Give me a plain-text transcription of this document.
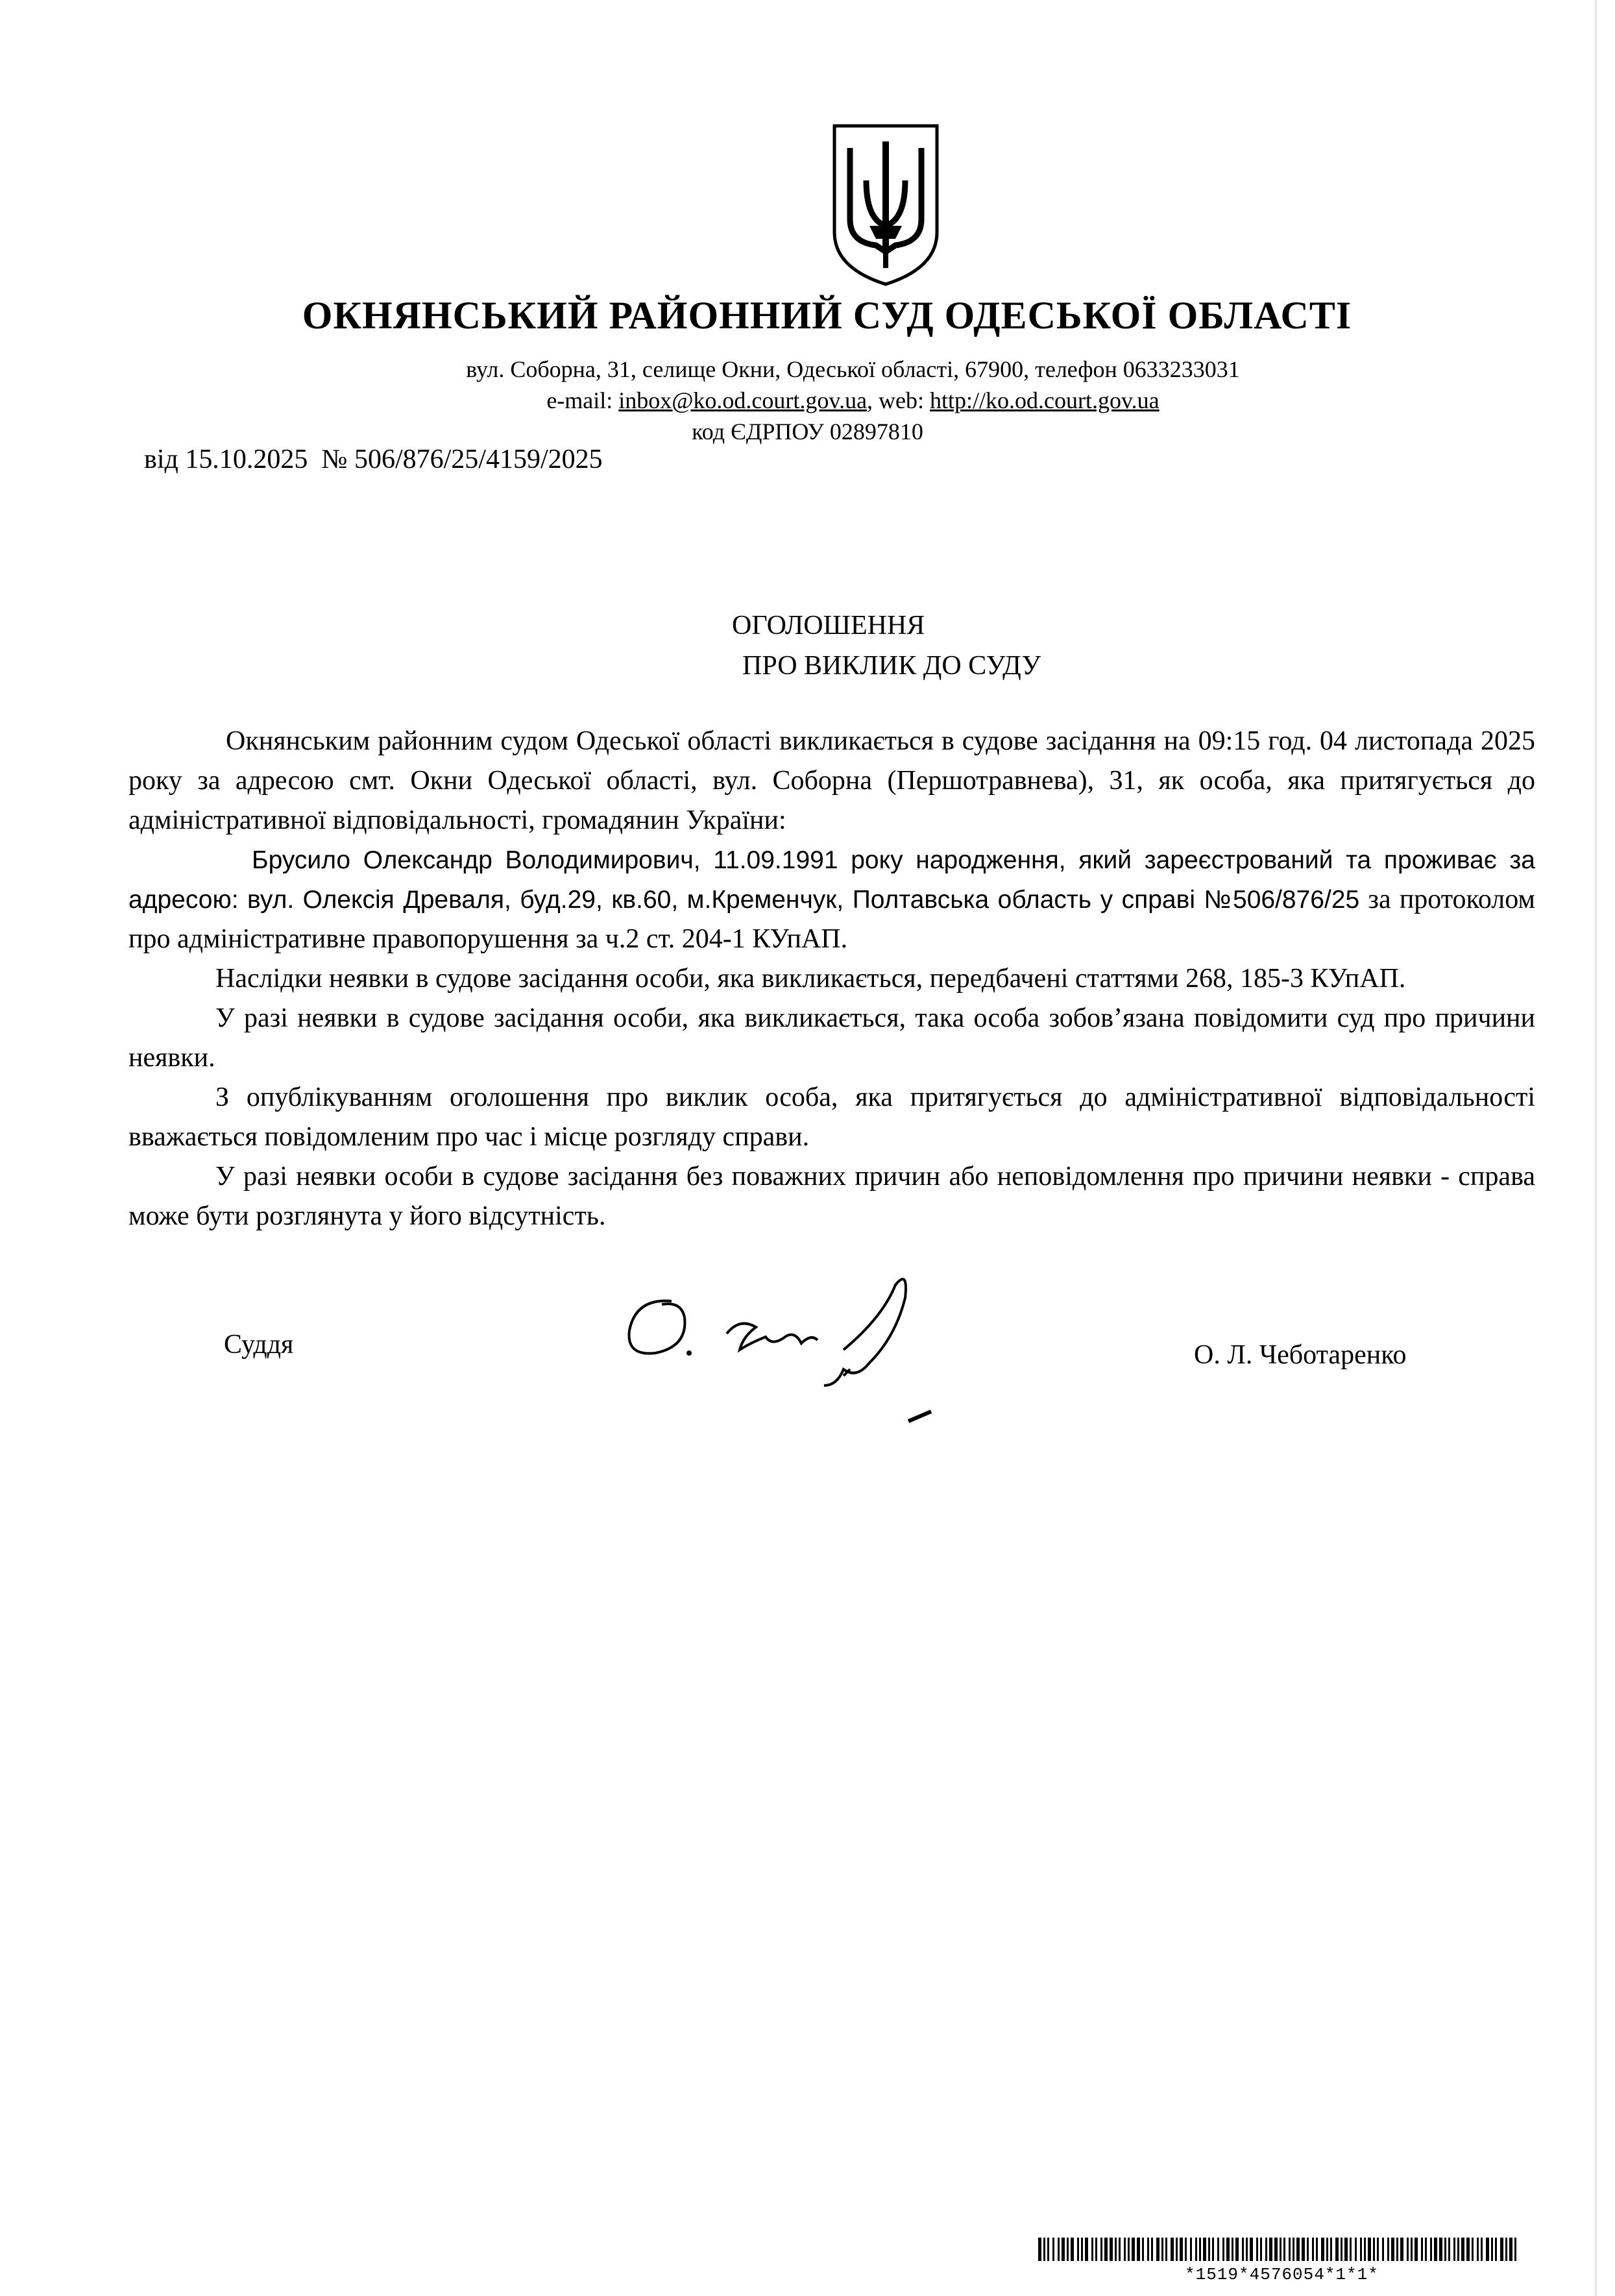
ОКНЯНСЬКИЙ РАЙОННИЙ СУД ОДЕСЬКОЇ ОБЛАСТІ
вул. Соборна, 31, селище Окни, Одеської області, 67900, телефон 0633233031
e-mail: inbox@ko.od.court.gov.ua, web: http://ko.od.court.gov.ua
код ЄДРПОУ 02897810
від 15.10.2025 № 506/876/25/4159/2025
ОГОЛОШЕННЯ
ПРО ВИКЛИК ДО СУДУ

Окнянським районним судом Одеської області викликається в судове засідання на 09:15 год. 04 листопада 2025 року за адресою смт. Окни Одеської області, вул. Соборна (Першотравнева), 31, як особа, яка притягується до адміністративної відповідальності, громадянин України:

Брусило Олександр Володимирович, 11.09.1991 року народження, який зареєстрований та проживає за адресою: вул. Олексія Древаля, буд.29, кв.60, м.Кременчук, Полтавська область у справі №506/876/25 за протоколом про адміністративне правопорушення за ч.2 ст. 204-1 КУпАП.

Наслідки неявки в судове засідання особи, яка викликається, передбачені статтями 268, 185-3 КУпАП.

У разі неявки в судове засідання особи, яка викликається, така особа зобов’язана повідомити суд про причини неявки.

З опублікуванням оголошення про виклик особа, яка притягується до адміністративної відповідальності вважається повідомленим про час і місце розгляду справи.

У разі неявки особи в судове засідання без поважних причин або неповідомлення про причини неявки - справа може бути розглянута у його відсутність.

Суддя	О. Л. Чеботаренко
*1519*4576054*1*1*
